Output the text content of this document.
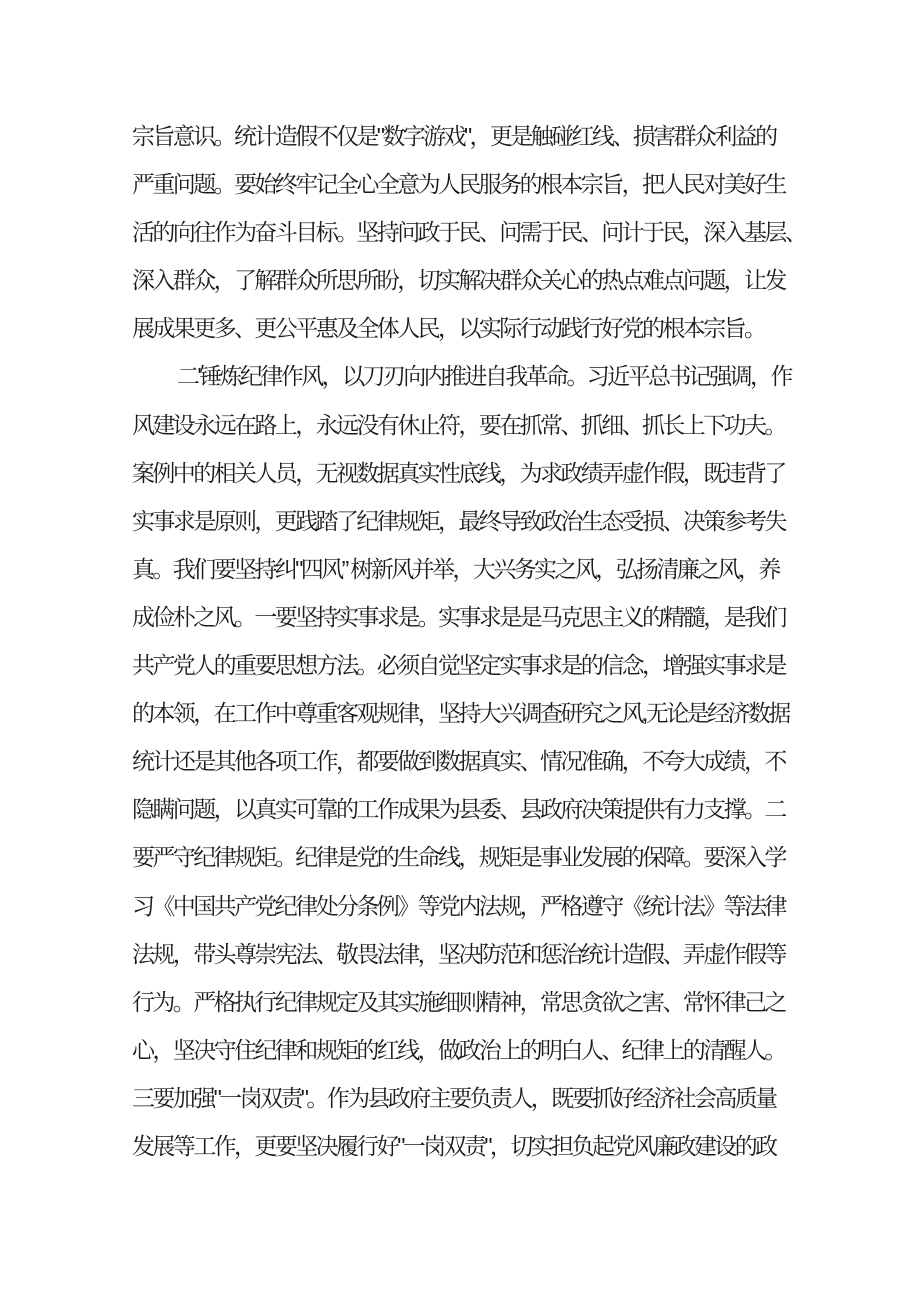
宗旨意识。统计造假不仅是"数字游戏"，更是触碰红线、损害群众利益的
严重问题。要始终牢记全心全意为人民服务的根本宗旨，把人民对美好生
活的向往作为奋斗目标。坚持问政于民、问需于民、问计于民，深入基层、
深入群众，了解群众所思所盼，切实解决群众关心的热点难点问题，让发
展成果更多、更公平惠及全体人民，以实际行动践行好党的根本宗旨。
二'锤炼纪律作风，以刀刃向内推进自我革命。习近平总书记强调，作
风建设永远在路上，永远没有休止符，要在抓常、抓细、抓长上下功夫。
案例中的相关人员，无视数据真实性底线，为求政绩弄虚作假，既违背了
实事求是原则，更践踏了纪律规矩，最终导致政治生态受损、决策参考失
真。我们要坚持纠"四风” 树新风并举，大兴务实之风，弘扬清廉之风，养
成俭朴之风。一要坚持实事求是。实事求是是马克思主义的精髓，是我们
共产党人的重要思想方法。必须自觉坚定实事求是的信念，增强实事求是
的本领，在工作中尊重客观规律，坚持大兴调查研究之风,无论是经济数据
统计还是其他各项工作，都要做到数据真实、情况准确，不夸大成绩，不
隐瞒问题，以真实可靠的工作成果为县委、县政府决策提供有力支撑。二
要严守纪律规矩。纪律是党的生命线，规矩是事业发展的保障。要深入学
习《中国共产党纪律处分条例》等党内法规，严格遵守《统计法》等法律
法规，带头尊崇宪法、敬畏法律，坚决防范和惩治统计造假、弄虚作假等
行为。严格执行纪律规定及其实施细则精神，常思贪欲之害、常怀律己之
心，坚决守住纪律和规矩的红线，做政治上的明白人、纪律上的清醒人。
三要加强"一岗双责"。作为县政府主要负责人，既要抓好经济社会高质量
发展等工作，更要坚决履行好"一岗双责"，切实担负起党风廉政建设的政
